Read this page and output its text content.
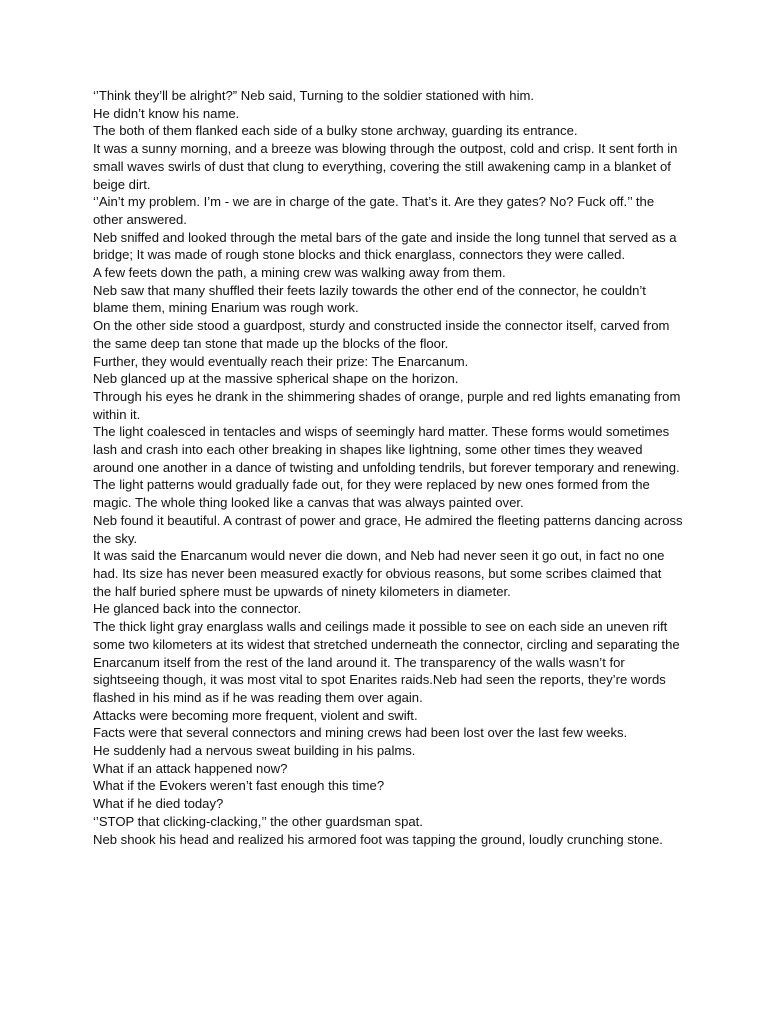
‘’Think they’ll be alright?” Neb said, Turning to the soldier stationed with him.

He didn’t know his name.

The both of them flanked each side of a bulky stone archway, guarding its entrance.

It was a sunny morning, and a breeze was blowing through the outpost, cold and crisp. It sent forth in small waves swirls of dust that clung to everything, covering the still awakening camp in a blanket of beige dirt.

‘’Ain’t my problem. I’m - we are in charge of the gate. That’s it. Are they gates? No? Fuck off.’’ the other answered.

Neb sniffed and looked through the metal bars of the gate and inside the long tunnel that served as a bridge; It was made of rough stone blocks and thick enarglass, connectors they were called.

A few feets down the path, a mining crew was walking away from them.

Neb saw that many shuffled their feets lazily towards the other end of the connector, he couldn’t blame them, mining Enarium was rough work.

On the other side stood a guardpost, sturdy and constructed inside the connector itself, carved from the same deep tan stone that made up the blocks of the floor.

Further, they would eventually reach their prize: The Enarcanum.

Neb glanced up at the massive spherical shape on the horizon.

Through his eyes he drank in the shimmering shades of orange, purple and red lights emanating from within it.

The light coalesced in tentacles and wisps of seemingly hard matter. These forms would sometimes lash and crash into each other breaking in shapes like lightning, some other times they weaved around one another in a dance of twisting and unfolding tendrils, but forever temporary and renewing.

The light patterns would gradually fade out, for they were replaced by new ones formed from the magic. The whole thing looked like a canvas that was always painted over.

Neb found it beautiful. A contrast of power and grace, He admired the fleeting patterns dancing across the sky.

It was said the Enarcanum would never die down, and Neb had never seen it go out, in fact no one had. Its size has never been measured exactly for obvious reasons, but some scribes claimed that the half buried sphere must be upwards of ninety kilometers in diameter.

He glanced back into the connector.

The thick light gray enarglass walls and ceilings made it possible to see on each side an uneven rift some two kilometers at its widest that stretched underneath the connector, circling and separating the Enarcanum itself from the rest of the land around it. The transparency of the walls wasn’t for sightseeing though, it was most vital to spot Enarites raids.Neb had seen the reports, they’re words flashed in his mind as if he was reading them over again.

Attacks were becoming more frequent, violent and swift.

Facts were that several connectors and mining crews had been lost over the last few weeks.

He suddenly had a nervous sweat building in his palms.

What if an attack happened now?

What if the Evokers weren’t fast enough this time?

What if he died today?

‘’STOP that clicking-clacking,’’ the other guardsman spat.

Neb shook his head and realized his armored foot was tapping the ground, loudly crunching stone.
